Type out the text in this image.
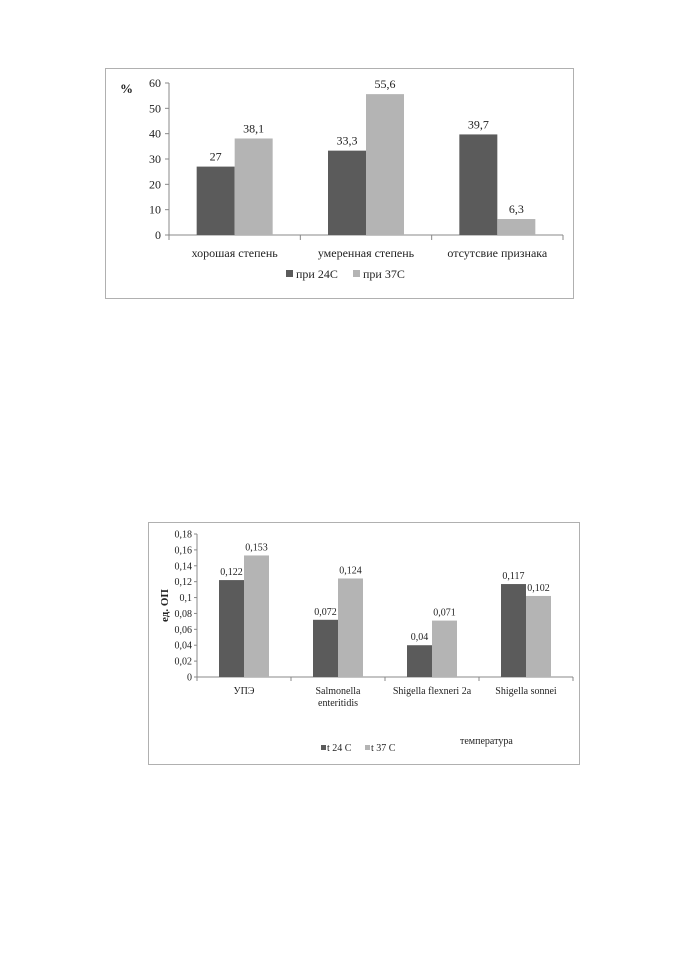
%
0
10
20
30
40
50
60
27
38,1
хорошая степень
33,3
55,6
умеренная степень
39,7
6,3
отсутсвие признака
при 24С при 37С
ед. ОП
0
0,02
0,04
0,06
0,08
0,1
0,12
0,14
0,16
0,18
0,122
0,153
УПЭ
0,072
0,124
Salmonella
enteritidis
0,04
0,071
Shigella flexneri 2a
0,117
0,102
Shigella sonnei
температура
t 24 С t 37 С
